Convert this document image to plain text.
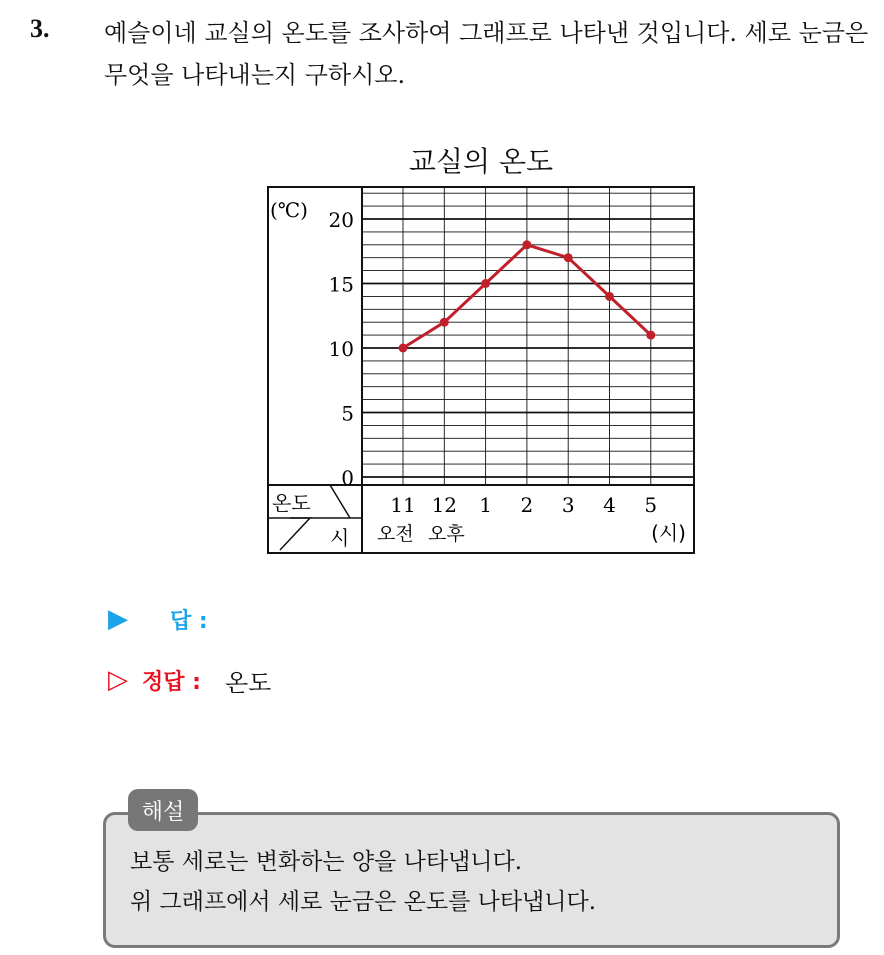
3. 예슬이네 교실의 온도를 조사하여 그래프로 나타낸 것입니다. 세로 눈금은 무엇을 나타내는지 구하시오.
교실의 온도
온도
시
(℃)
0
5
10
15
20
11 12 1 2 3 4 5
오전 오후	(시)
▶	답 :
▷ 정답 : 온도
해설
보통 세로는 변화하는 양을 나타냅니다.
위 그래프에서 세로 눈금은 온도를 나타냅니다.
